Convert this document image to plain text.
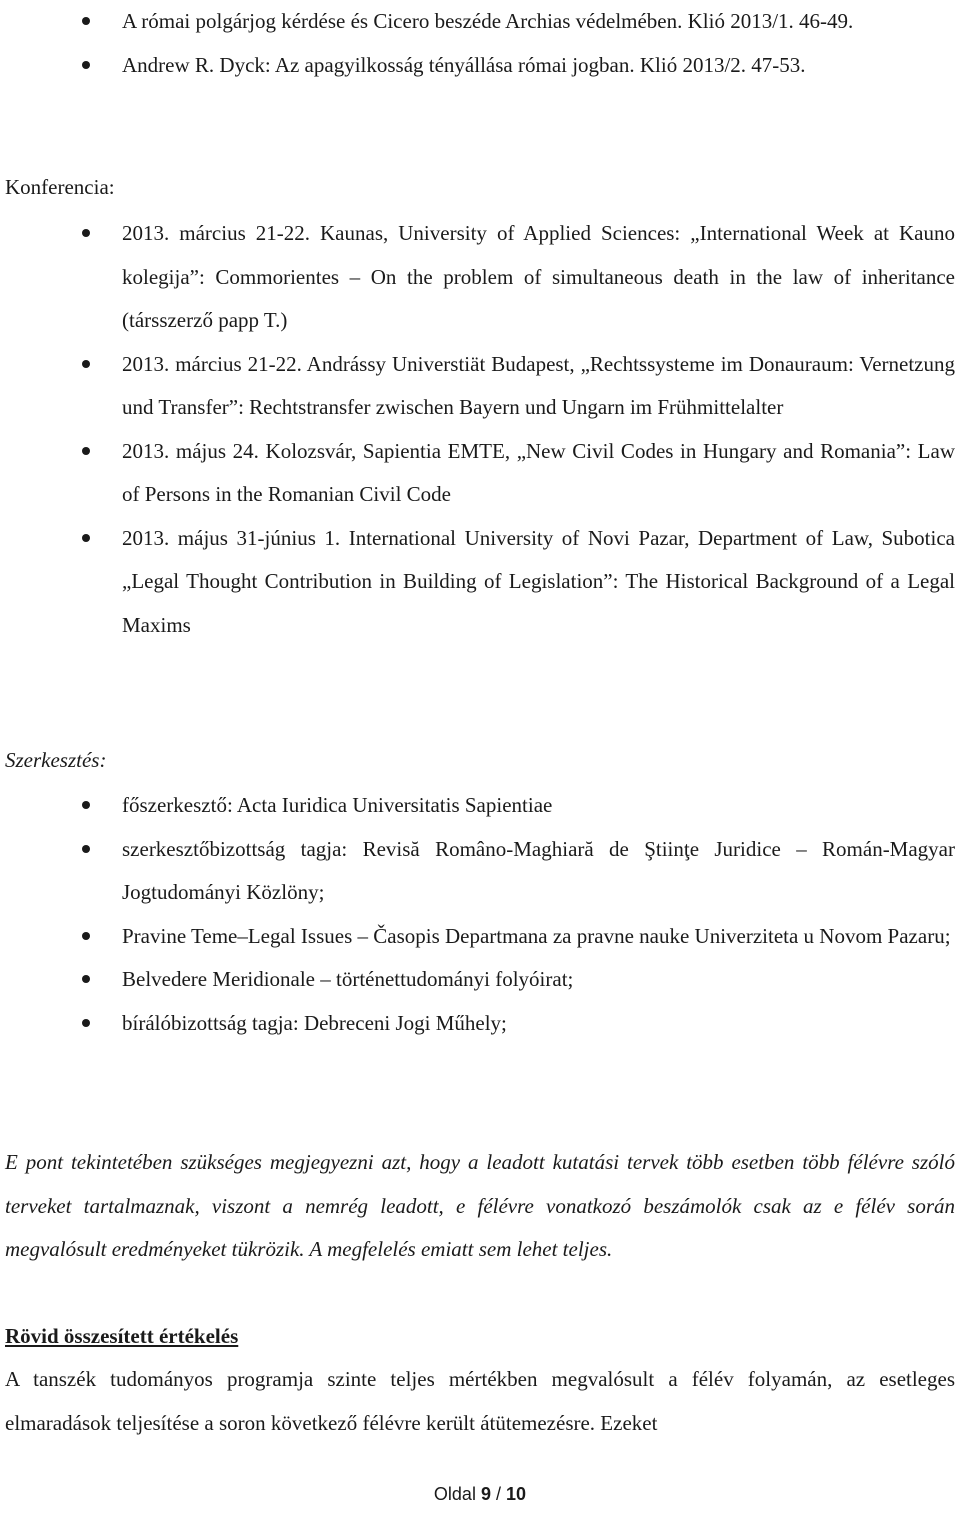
A római polgárjog kérdése és Cicero beszéde Archias védelmében. Klió 2013/1. 46-49.
Andrew R. Dyck: Az apagyilkosság tényállása római jogban. Klió 2013/2. 47-53.

Konferencia:

2013. március 21-22. Kaunas, University of Applied Sciences: „International Week at Kauno kolegija”: Commorientes – On the problem of simultaneous death in the law of inheritance (társszerző papp T.)
2013. március 21-22. Andrássy Universtiät Budapest, „Rechtssysteme im Donauraum: Vernetzung und Transfer”: Rechtstransfer zwischen Bayern und Ungarn im Frühmittelalter
2013. május 24. Kolozsvár, Sapientia EMTE, „New Civil Codes in Hungary and Romania”: Law of Persons in the Romanian Civil Code
2013. május 31-június 1. International University of Novi Pazar, Department of Law, Subotica „Legal Thought Contribution in Building of Legislation”: The Historical Background of a Legal Maxims

Szerkesztés:

főszerkesztő: Acta Iuridica Universitatis Sapientiae
szerkesztőbizottság tagja: Revisă Româno-Maghiară de Ştiinţe Juridice – Román-Magyar Jogtudományi Közlöny;
Pravine Teme–Legal Issues – Časopis Departmana za pravne nauke Univerziteta u Novom Pazaru;
Belvedere Meridionale – történettudományi folyóirat;
bírálóbizottság tagja: Debreceni Jogi Műhely;

E pont tekintetében szükséges megjegyezni azt, hogy a leadott kutatási tervek több esetben több félévre szóló terveket tartalmaznak, viszont a nemrég leadott, e félévre vonatkozó beszámolók csak az e félév során megvalósult eredményeket tükrözik. A megfelelés emiatt sem lehet teljes.

Rövid összesített értékelés

A tanszék tudományos programja szinte teljes mértékben megvalósult a félév folyamán, az esetleges elmaradások teljesítése a soron következő félévre került átütemezésre. Ezeket

Oldal 9 / 10
